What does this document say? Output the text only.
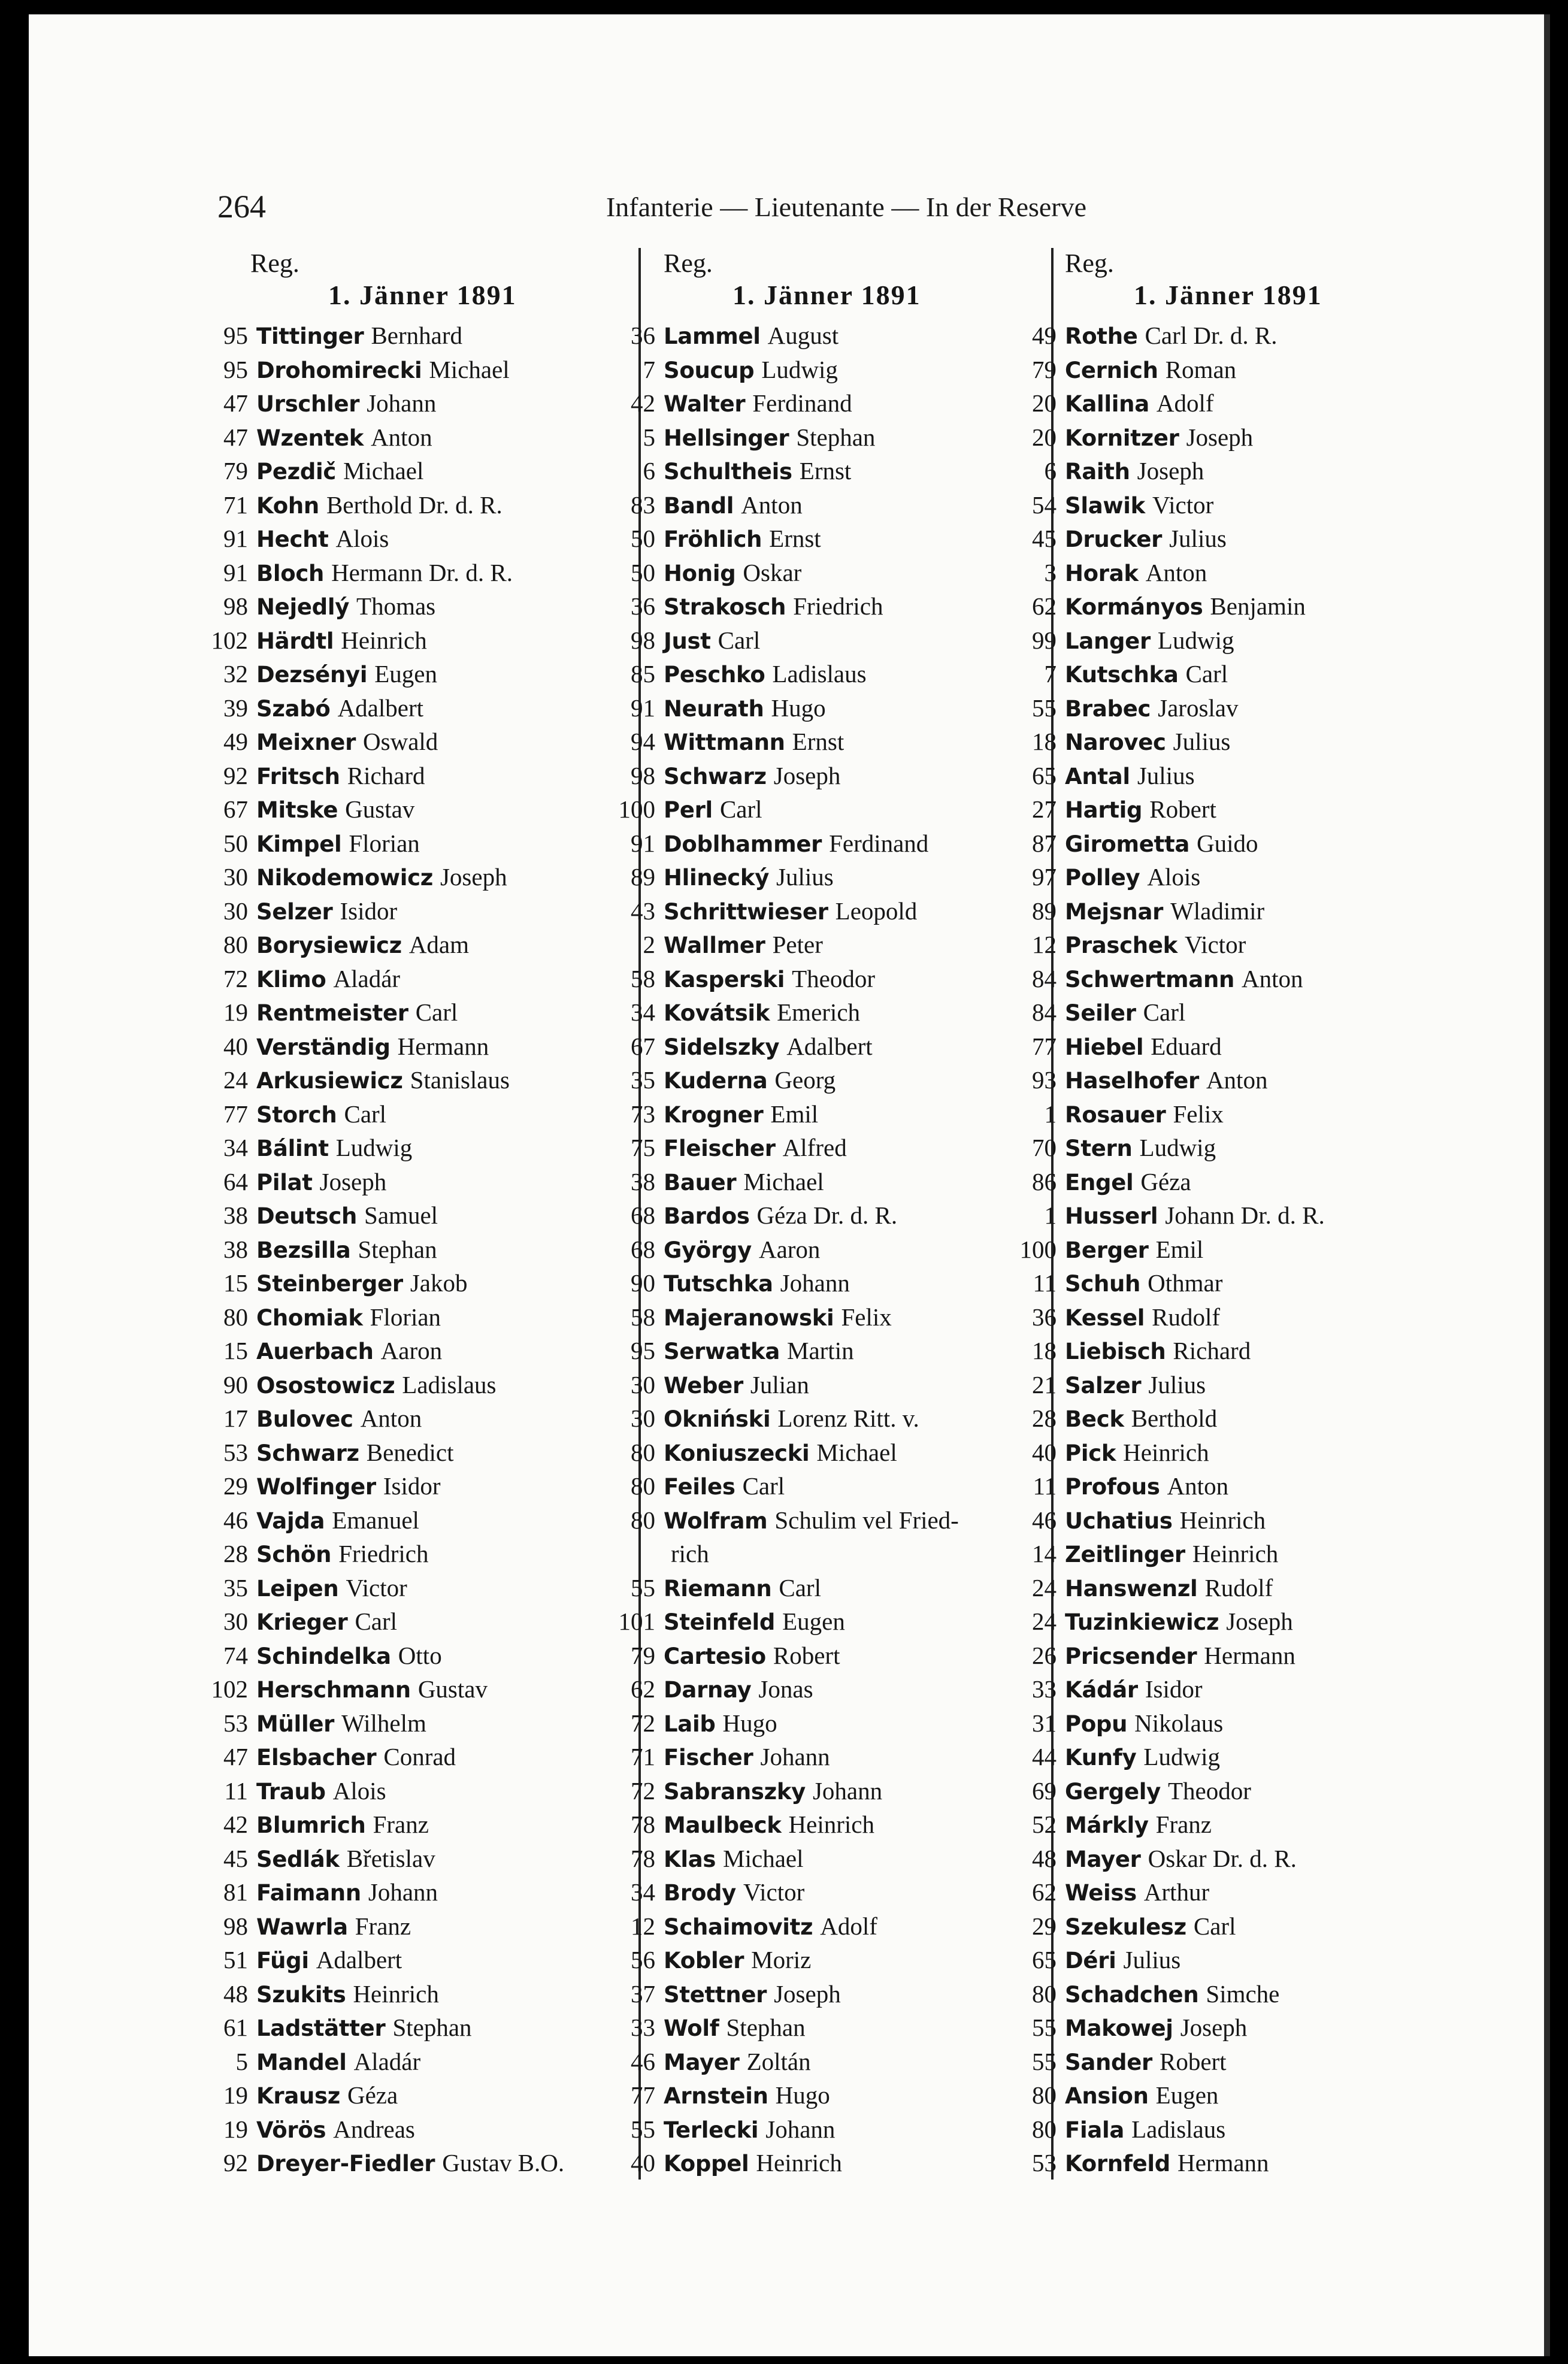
264	Infanterie — Lieutenante — In der Reserve
Reg.
1. Jänner 1891
95 Tittinger Bernhard
95 Drohomirecki Michael
47 Urschler Johann
47 Wzentek Anton
79 Pezdič Michael
71 Kohn Berthold Dr. d. R.
91 Hecht Alois
91 Bloch Hermann Dr. d. R.
98 Nejedlý Thomas
102 Härdtl Heinrich
32 Dezsényi Eugen
39 Szabó Adalbert
49 Meixner Oswald
92 Fritsch Richard
67 Mitske Gustav
50 Kimpel Florian
30 Nikodemowicz Joseph
30 Selzer Isidor
80 Borysiewicz Adam
72 Klimo Aladár
19 Rentmeister Carl
40 Verständig Hermann
24 Arkusiewicz Stanislaus
77 Storch Carl
34 Bálint Ludwig
64 Pilat Joseph
38 Deutsch Samuel
38 Bezsilla Stephan
15 Steinberger Jakob
80 Chomiak Florian
15 Auerbach Aaron
90 Osostowicz Ladislaus
17 Bulovec Anton
53 Schwarz Benedict
29 Wolfinger Isidor
46 Vajda Emanuel
28 Schön Friedrich
35 Leipen Victor
30 Krieger Carl
74 Schindelka Otto
102 Herschmann Gustav
53 Müller Wilhelm
47 Elsbacher Conrad
11 Traub Alois
42 Blumrich Franz
45 Sedlák Břetislav
81 Faimann Johann
98 Wawrla Franz
51 Fügi Adalbert
48 Szukits Heinrich
61 Ladstätter Stephan
5 Mandel Aladár
19 Krausz Géza
19 Vörös Andreas
92 Dreyer-Fiedler Gustav B.O.
Reg.
1. Jänner 1891
36 Lammel August
7 Soucup Ludwig
42 Walter Ferdinand
5 Hellsinger Stephan
6 Schultheis Ernst
83 Bandl Anton
50 Fröhlich Ernst
50 Honig Oskar
36 Strakosch Friedrich
98 Just Carl
85 Peschko Ladislaus
91 Neurath Hugo
94 Wittmann Ernst
98 Schwarz Joseph
100 Perl Carl
91 Doblhammer Ferdinand
89 Hlinecký Julius
43 Schrittwieser Leopold
2 Wallmer Peter
58 Kasperski Theodor
34 Kovátsik Emerich
67 Sidelszky Adalbert
35 Kuderna Georg
73 Krogner Emil
75 Fleischer Alfred
38 Bauer Michael
68 Bardos Géza Dr. d. R.
68 György Aaron
90 Tutschka Johann
58 Majeranowski Felix
95 Serwatka Martin
30 Weber Julian
30 Okniński Lorenz Ritt. v.
80 Koniuszecki Michael
80 Feiles Carl
80 Wolfram Schulim vel Fried-
rich
55 Riemann Carl
101 Steinfeld Eugen
79 Cartesio Robert
62 Darnay Jonas
72 Laib Hugo
71 Fischer Johann
72 Sabranszky Johann
78 Maulbeck Heinrich
78 Klas Michael
34 Brody Victor
12 Schaimovitz Adolf
56 Kobler Moriz
37 Stettner Joseph
33 Wolf Stephan
46 Mayer Zoltán
77 Arnstein Hugo
55 Terlecki Johann
40 Koppel Heinrich
Reg.
1. Jänner 1891
49 Rothe Carl Dr. d. R.
79 Cernich Roman
20 Kallina Adolf
20 Kornitzer Joseph
6 Raith Joseph
54 Slawik Victor
45 Drucker Julius
3 Horak Anton
62 Kormányos Benjamin
99 Langer Ludwig
7 Kutschka Carl
55 Brabec Jaroslav
18 Narovec Julius
65 Antal Julius
27 Hartig Robert
87 Girometta Guido
97 Polley Alois
89 Mejsnar Wladimir
12 Praschek Victor
84 Schwertmann Anton
84 Seiler Carl
77 Hiebel Eduard
93 Haselhofer Anton
1 Rosauer Felix
70 Stern Ludwig
86 Engel Géza
1 Husserl Johann Dr. d. R.
100 Berger Emil
11 Schuh Othmar
36 Kessel Rudolf
18 Liebisch Richard
21 Salzer Julius
28 Beck Berthold
40 Pick Heinrich
11 Profous Anton
46 Uchatius Heinrich
14 Zeitlinger Heinrich
24 Hanswenzl Rudolf
24 Tuzinkiewicz Joseph
26 Pricsender Hermann
33 Kádár Isidor
31 Popu Nikolaus
44 Kunfy Ludwig
69 Gergely Theodor
52 Márkly Franz
48 Mayer Oskar Dr. d. R.
62 Weiss Arthur
29 Szekulesz Carl
65 Déri Julius
80 Schadchen Simche
55 Makowej Joseph
55 Sander Robert
80 Ansion Eugen
80 Fiala Ladislaus
53 Kornfeld Hermann
